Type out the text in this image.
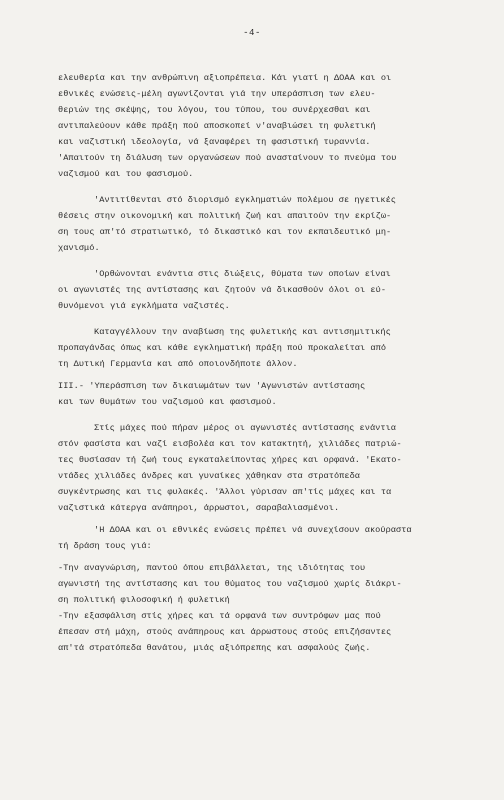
-4-
ελευθερία και την ανθρώπινη αξιοπρέπεια. Κάι γιατί η ΔΟΑΑ και οι
εθνικές ενώσεις-μέλη αγωνίζονται γιά την υπεράσπιση των ελευ-
θεριών της σκέψης, του λόγου, του τύπου, του συνέρχεσθαι και
αντιπαλεύουν κάθε πράξη πού αποσκοπεί ν'αναβιώσει τη φυλετική
και ναζιστική ιδεολογία, νά ξαναφέρει τη φασιστική τυραννία.
'Απαιτούν τη διάλυση των οργανώσεων πού ανασταίνουν το πνεύμα του
ναζισμού και του φασισμού.
'Αντιτίθενται στό διορισμό εγκληματιών πολέμου σε ηγετικές
θέσεις στην οικονομική και πολιτική ζωή και απαιτούν την εκρίζω-
ση τους απ'τό στρατιωτικό, τό δικαστικό και τον εκπαιδευτικό μη-
χανισμό.
'Ορθώνονται ενάντια στις διώξεις, θύματα των οποίων είναι
οι αγωνιστές της αντίστασης και ζητούν νά δικασθούν όλοι οι εύ-
θυνόμενοι γιά εγκλήματα ναζιστές.
Καταγγέλλουν την αναβίωση της φυλετικής και αντισημιτικής
προπαγάνδας όπως και κάθε εγκληματική πράξη πού προκαλείται από
τη Δυτική Γερμανία και από οποιονδήποτε άλλον.
III.- 'Υπεράσπιση των δικαιωμάτων των 'Αγωνιστών αντίστασης
και των θυμάτων του ναζισμού και φασισμού.
Στίς μάχες πού πήραν μέρος οι αγωνιστές αντίστασης ενάντια
στόν φασίστα και ναζί εισβολέα και τον κατακτητή, χιλιάδες πατριώ-
τες θυσίασαν τή ζωή τους εγκαταλείποντας χήρες και ορφανά. 'Εκατο-
ντάδες χιλιάδες άνδρες και γυναίκες χάθηκαν στα στρατόπεδα
συγκέντρωσης και τις φυλακές. 'Άλλοι γύρισαν απ'τίς μάχες και τα
ναζιστικά κάτεργα ανάπηροι, άρρωστοι, σαραβαλιασμένοι.
'Η ΔΟΑΑ και οι εθνικές ενώσεις πρέπει νά συνεχίσουν ακούραστα
τή δράση τους γιά:
-Την αναγνώριση, παντού όπου επιβάλλεται, της ιδιότητας του
αγωνιστή της αντίστασης και του θύματος του ναζισμού χωρίς διάκρι-
ση πολιτική φιλοσοφική ή φυλετική
-Την εξασφάλιση στίς χήρες και τά ορφανά των συντρόφων μας πού
έπεσαν στή μάχη, στούς ανάπηρους και άρρωστους στούς επιζήσαντες
απ'τά στρατόπεδα θανάτου, μιάς αξιόπρεπης και ασφαλούς ζωής.
